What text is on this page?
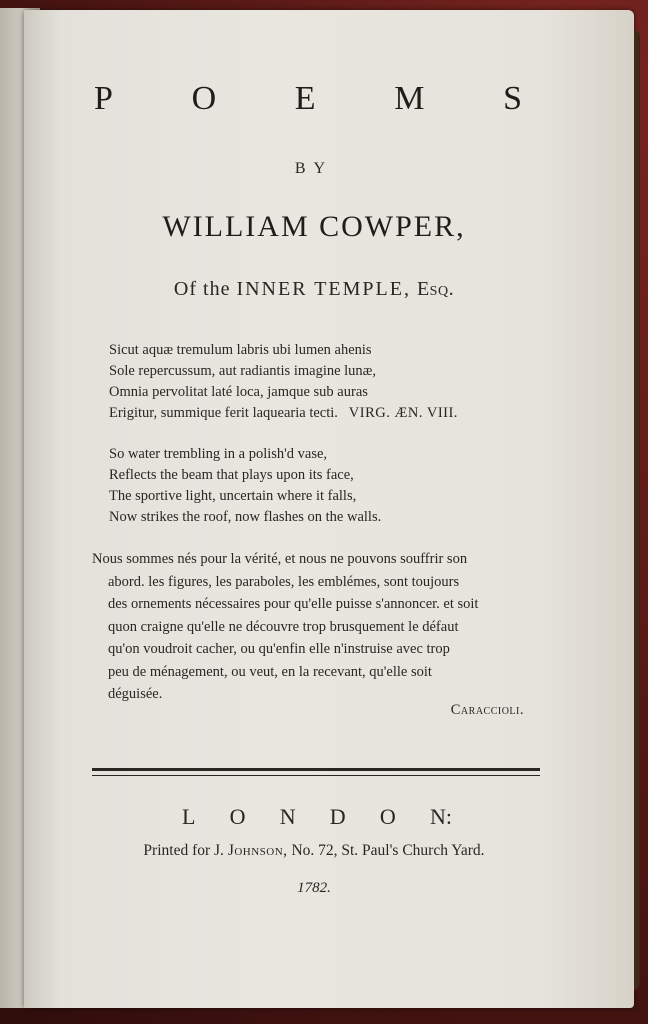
P O E M S
BY
WILLIAM COWPER,
Of the INNER TEMPLE, Esq.
Sicut aquæ tremulum labris ubi lumen ahenis
Sole repercussum, aut radiantis imagine lunæ,
Omnia pervolitat laté loca, jamque sub auras
Erigitur, summique ferit laquearia tecti. VIRG. ÆN. VIII.
So water trembling in a polish'd vase,
Reflects the beam that plays upon its face,
The sportive light, uncertain where it falls,
Now strikes the roof, now flashes on the walls.
Nous sommes nés pour la vérité, et nous ne pouvons souffrir son
abord. les figures, les paraboles, les emblémes, sont toujours
des ornements nécessaires pour qu'elle puisse s'annoncer. et soit
quon craigne qu'elle ne découvre trop brusquement le défaut
qu'on voudroit cacher, ou qu'enfin elle n'instruise avec trop
peu de ménagement, ou veut, en la recevant, qu'elle soit
déguisée.
Caraccioli.
L O N D O N:
Printed for J. Johnson, No. 72, St. Paul's Church Yard.
1782.
